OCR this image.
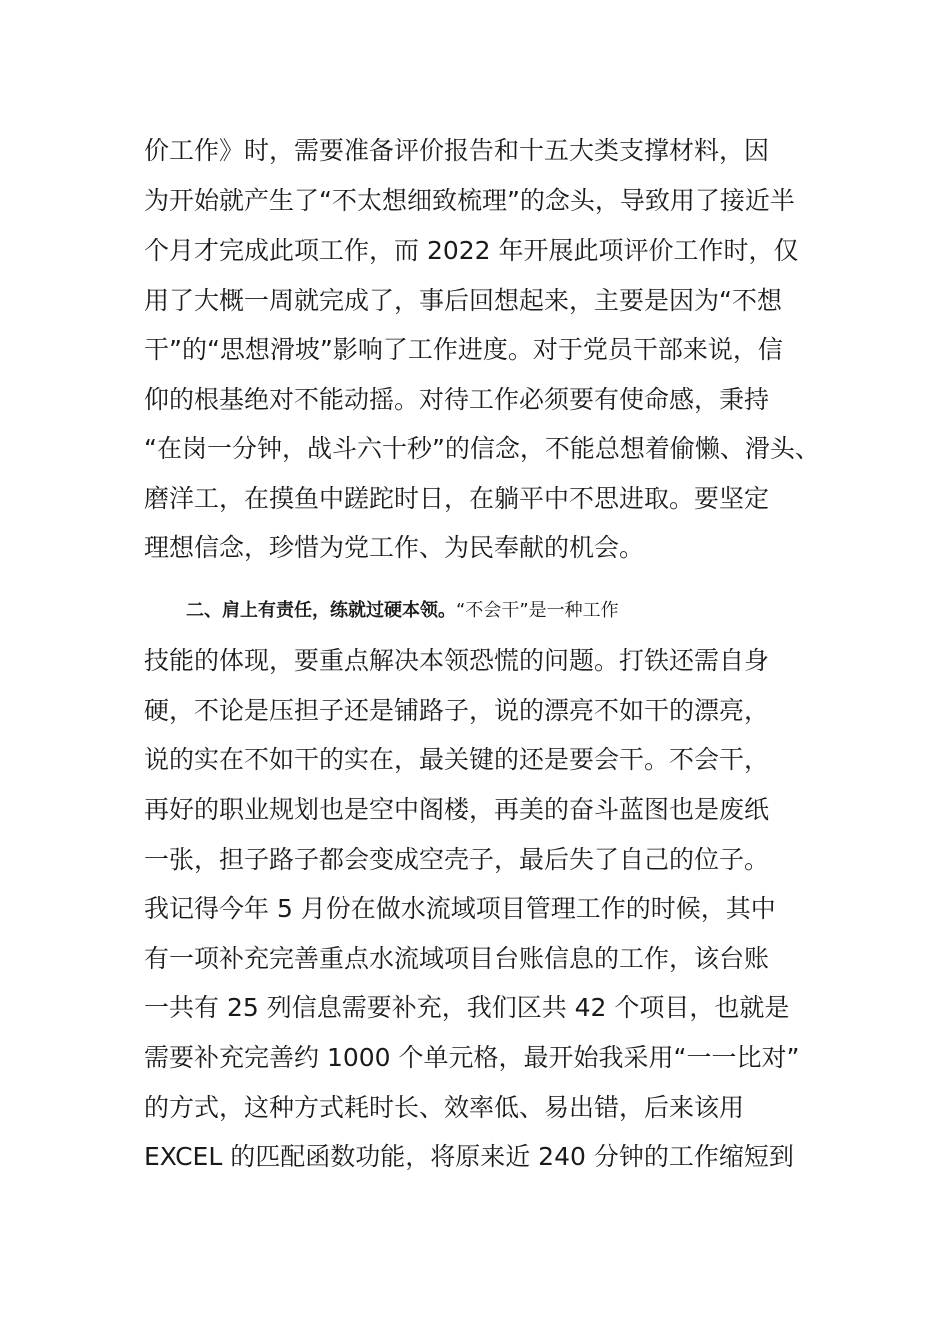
价工作》时，需要准备评价报告和十五大类支撑材料，因
为开始就产生了“不太想细致梳理”的念头，导致用了接近半
个月才完成此项工作，而 2022 年开展此项评价工作时，仅
用了大概一周就完成了，事后回想起来，主要是因为“不想
干”的“思想滑坡”影响了工作进度。对于党员干部来说，信
仰的根基绝对不能动摇。对待工作必须要有使命感，秉持
“在岗一分钟，战斗六十秒”的信念，不能总想着偷懒、滑头、
磨洋工，在摸鱼中蹉跎时日，在躺平中不思进取。要坚定
理想信念，珍惜为党工作、为民奉献的机会。
二、肩上有责任，练就过硬本领。“不会干”是一种工作
技能的体现，要重点解决本领恐慌的问题。打铁还需自身
硬，不论是压担子还是铺路子，说的漂亮不如干的漂亮，
说的实在不如干的实在，最关键的还是要会干。不会干，
再好的职业规划也是空中阁楼，再美的奋斗蓝图也是废纸
一张，担子路子都会变成空壳子，最后失了自己的位子。
我记得今年 5 月份在做水流域项目管理工作的时候，其中
有一项补充完善重点水流域项目台账信息的工作，该台账
一共有 25 列信息需要补充，我们区共 42 个项目，也就是
需要补充完善约 1000 个单元格，最开始我采用“一一比对”
的方式，这种方式耗时长、效率低、易出错，后来该用
EXCEL 的匹配函数功能，将原来近 240 分钟的工作缩短到
